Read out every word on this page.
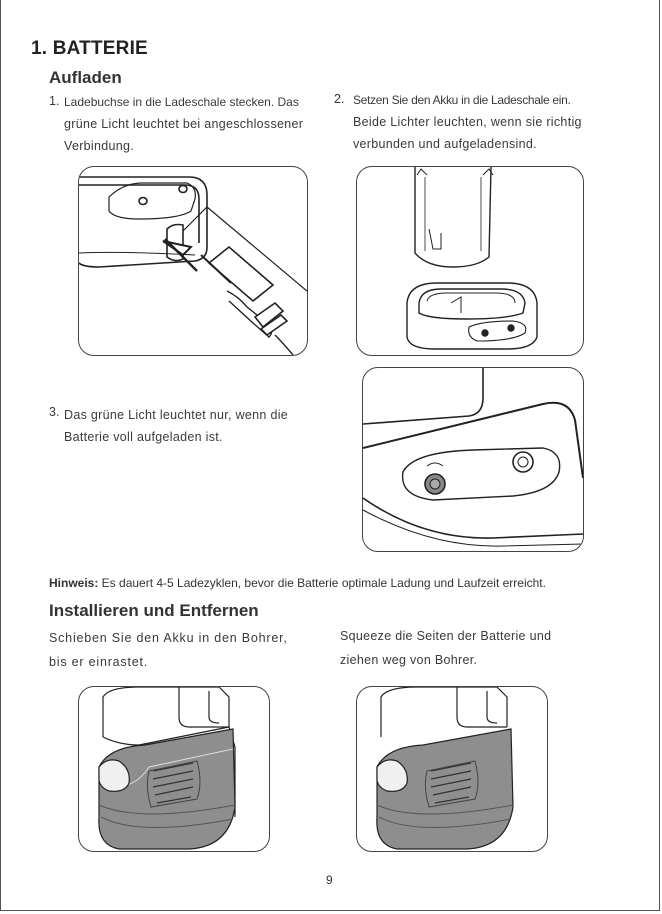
1. BATTERIE
Aufladen
1. Ladebuchse in die Ladeschale stecken. Das
grüne Licht leuchtet bei angeschlossener
Verbindung.
2. Setzen Sie den Akku in die Ladeschale ein.
Beide Lichter leuchten, wenn sie richtig
verbunden und aufgeladensind.
3. Das grüne Licht leuchtet nur, wenn die
Batterie voll aufgeladen ist.
Hinweis: Es dauert 4-5 Ladezyklen, bevor die Batterie optimale Ladung und Laufzeit erreicht.
Installieren und Entfernen
Schieben Sie den Akku in den Bohrer,
bis er einrastet.
Squeeze die Seiten der Batterie und
ziehen weg von Bohrer.
9
